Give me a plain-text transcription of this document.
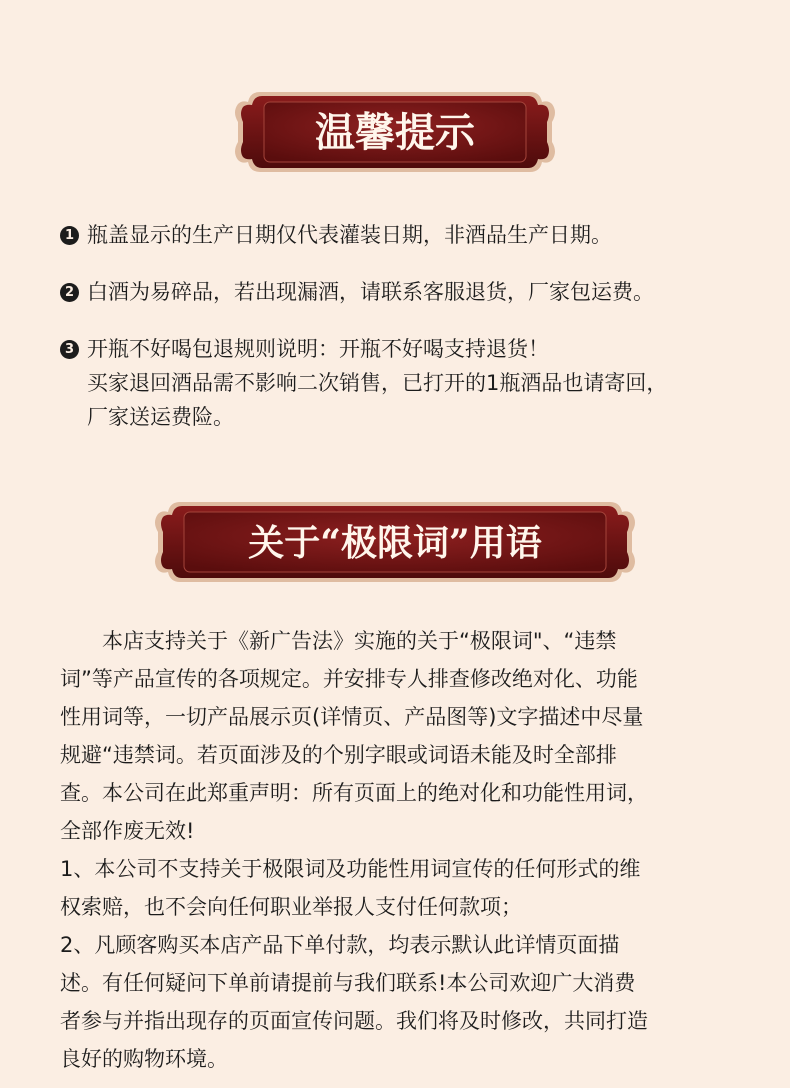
温馨提示
1 瓶盖显示的生产日期仅代表灌装日期，非酒品生产日期。
2 白酒为易碎品，若出现漏酒，请联系客服退货，厂家包运费。
3 开瓶不好喝包退规则说明：开瓶不好喝支持退货！
买家退回酒品需不影响二次销售，已打开的1瓶酒品也请寄回，
厂家送运费险。
关于“极限词”用语
　　本店支持关于《新广告法》实施的关于“极限词"、“违禁
词”等产品宣传的各项规定。并安排专人排查修改绝对化、功能
性用词等，一切产品展示页(详情页、产品图等)文字描述中尽量
规避“违禁词。若页面涉及的个别字眼或词语未能及时全部排
查。本公司在此郑重声明：所有页面上的绝对化和功能性用词，
全部作废无效!
1、本公司不支持关于极限词及功能性用词宣传的任何形式的维
权索赔，也不会向任何职业举报人支付任何款项；
2、凡顾客购买本店产品下单付款，均表示默认此详情页面描
述。有任何疑问下单前请提前与我们联系!本公司欢迎广大消费
者参与并指出现存的页面宣传问题。我们将及时修改，共同打造
良好的购物环境。
